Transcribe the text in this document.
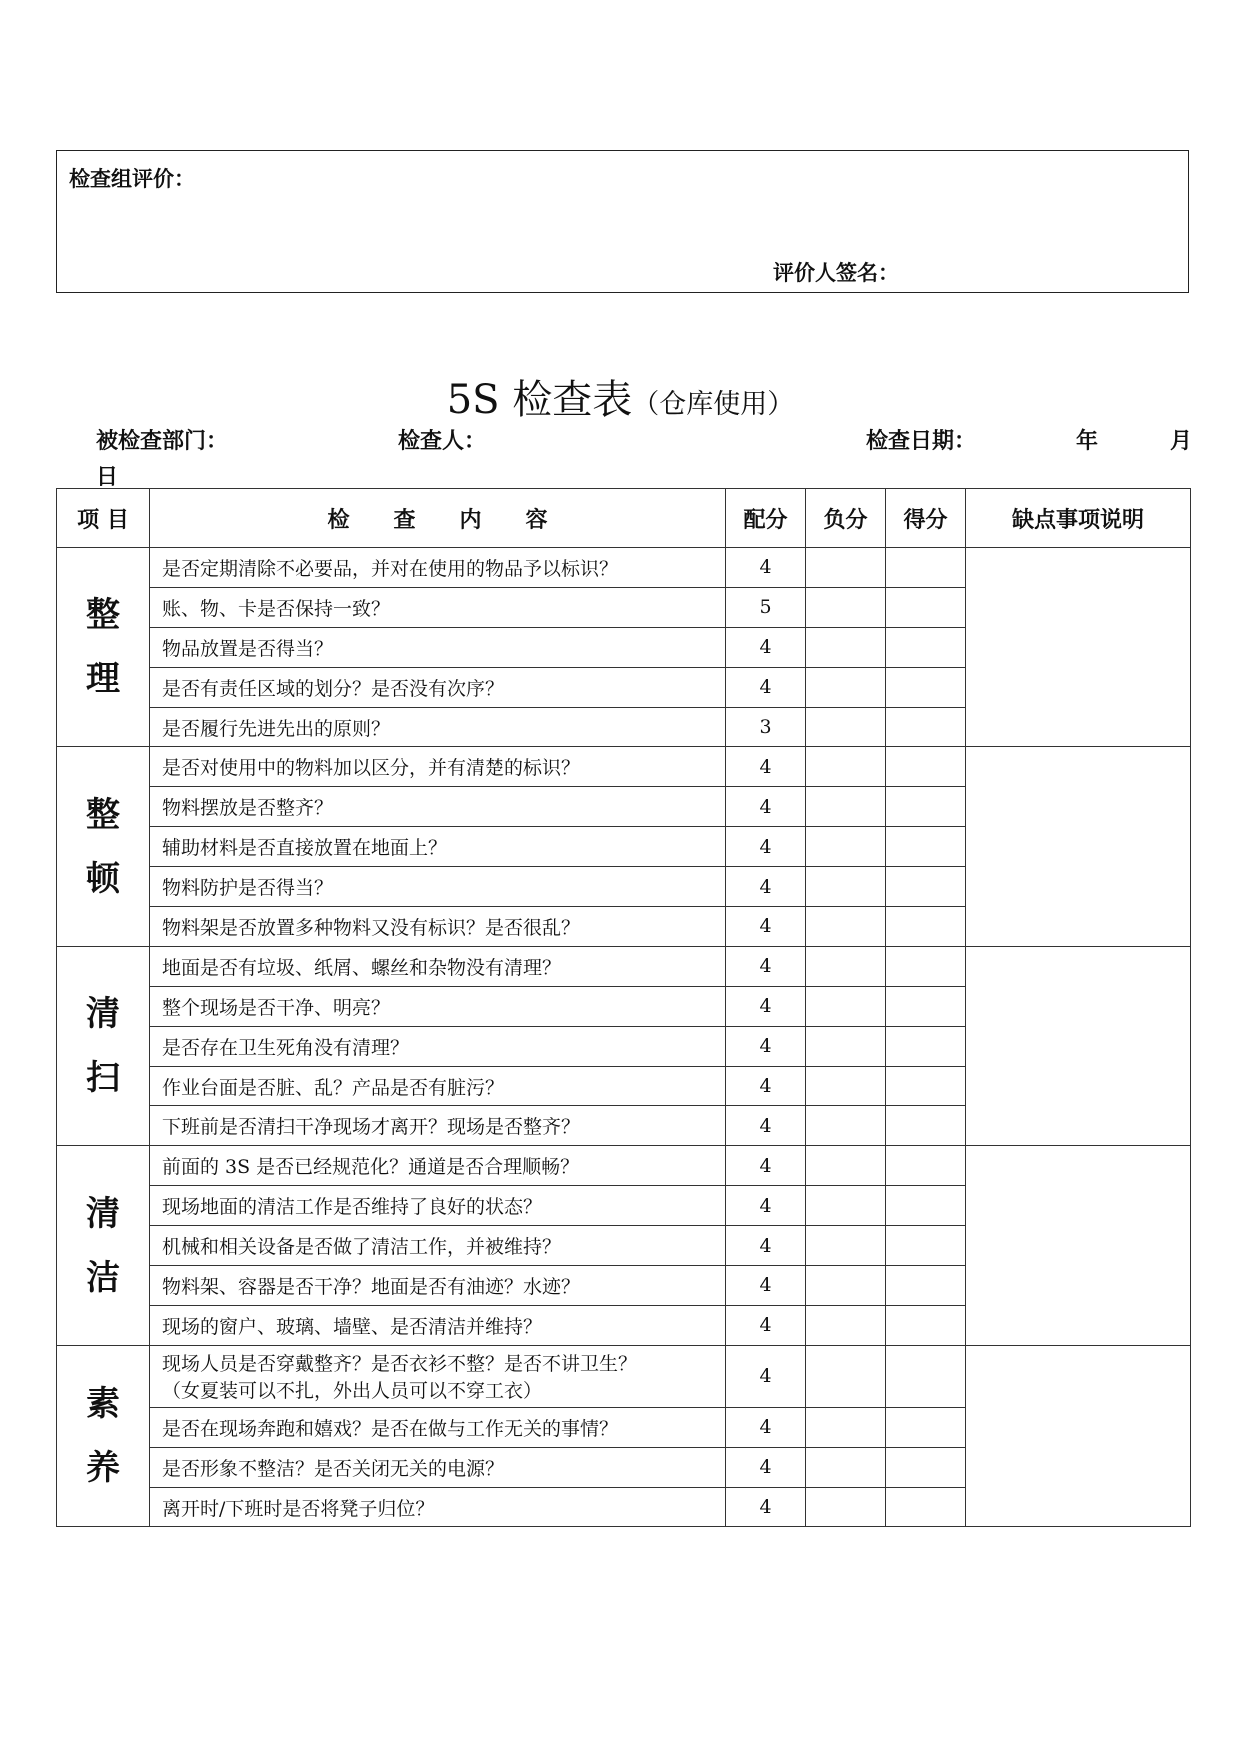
检查组评价：
评价人签名：
5S 检查表（仓库使用）
被检查部门：	检查人：	检查日期：	年	月
日
项 目	检　　查　　内　　容	配分	负分	得分	缺点事项说明

整
理	是否定期清除不必要品，并对在使用的物品予以标识？	4			
	账、物、卡是否保持一致？	5			
	物品放置是否得当？	4			
	是否有责任区域的划分？是否没有次序？	4			
	是否履行先进先出的原则？	3			

整
顿	是否对使用中的物料加以区分，并有清楚的标识？	4			
	物料摆放是否整齐？	4			
	辅助材料是否直接放置在地面上？	4			
	物料防护是否得当？	4			
	物料架是否放置多种物料又没有标识？是否很乱？	4			

清
扫	地面是否有垃圾、纸屑、螺丝和杂物没有清理？	4			
	整个现场是否干净、明亮？	4			
	是否存在卫生死角没有清理？	4			
	作业台面是否脏、乱？产品是否有脏污？	4			
	下班前是否清扫干净现场才离开？现场是否整齐？	4			

清
洁	前面的 3S 是否已经规范化？通道是否合理顺畅？	4			
	现场地面的清洁工作是否维持了良好的状态？	4			
	机械和相关设备是否做了清洁工作，并被维持？	4			
	物料架、容器是否干净？地面是否有油迹？水迹？	4			
	现场的窗户、玻璃、墙壁、是否清洁并维持？	4			

素
养	现场人员是否穿戴整齐？是否衣衫不整？是否不讲卫生？
（女夏装可以不扎，外出人员可以不穿工衣）	4			
	是否在现场奔跑和嬉戏？是否在做与工作无关的事情？	4			
	是否形象不整洁？是否关闭无关的电源？	4			
	离开时/下班时是否将凳子归位？	4			
